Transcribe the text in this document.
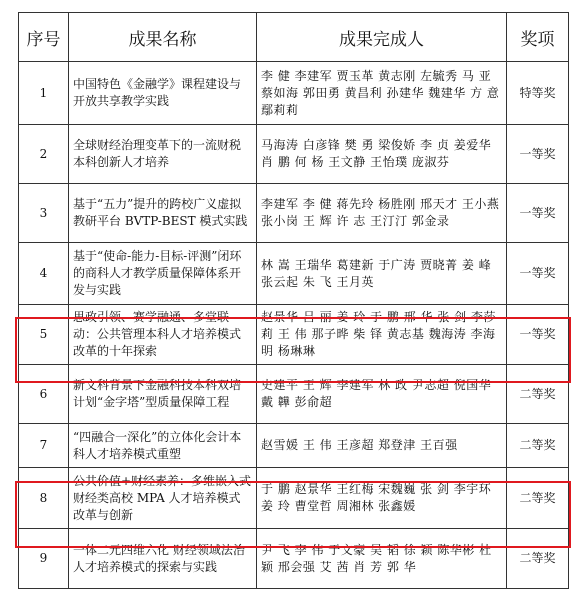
序号	成果名称	成果完成人	奖项
1	中国特色《金融学》课程建设与开放共享教学实践	李 健 李建军 贾玉革 黄志刚 左毓秀 马 亚 蔡如海 郭田勇 黄昌利 孙建华 魏建华 方 意 鄢莉莉	特等奖
2	全球财经治理变革下的一流财税本科创新人才培养	马海涛 白彦锋 樊 勇 梁俊娇 李 贞 姜爱华 肖 鹏 何 杨 王文静 王怡璞 庞淑芬	一等奖
3	基于“五力”提升的跨校广义虚拟教研平台 BVTP-BEST 模式实践	李建军 李 健 蒋先玲 杨胜刚 邢天才 王小燕 张小岗 王 辉 许 志 王汀汀 郭金录	一等奖
4	基于“使命-能力-目标-评测”闭环的商科人才教学质量保障体系开发与实践	林 嵩 王瑞华 葛建新 于广涛 贾晓菁 姜 峰 张云起 朱 飞 王月英	一等奖
5	思政引领、赛学融通、多堂联动：公共管理本科人才培养模式改革的十年探索	赵景华 吕 丽 姜 玲 于 鹏 邢 华 张 剑 李莎莉 王 伟 那子晔 柴 铎 黄志基 魏海涛 李海明 杨琳琳	一等奖
6	新文科背景下金融科技本科双培计划“金字塔”型质量保障工程	史建平 王 辉 李建军 林 政 尹志超 倪国华 戴 韡 彭俞超	二等奖
7	“四融合一深化”的立体化会计本科人才培养模式重塑	赵雪媛 王 伟 王彦超 郑登津 王百强	二等奖
8	公共价值+财经素养：多维嵌入式财经类高校 MPA 人才培养模式改革与创新	于 鹏 赵景华 王红梅 宋魏巍 张 剑 李宇环 姜 玲 曹堂哲 周湘林 张鑫媛	二等奖
9	一体二元四维六化 财经领域法治人才培养模式的探索与实践	尹 飞 李 伟 于文豪 吴 韬 徐 颖 陈华彬 杜 颖 邢会强 艾 茜 肖 芳 郭 华	二等奖
